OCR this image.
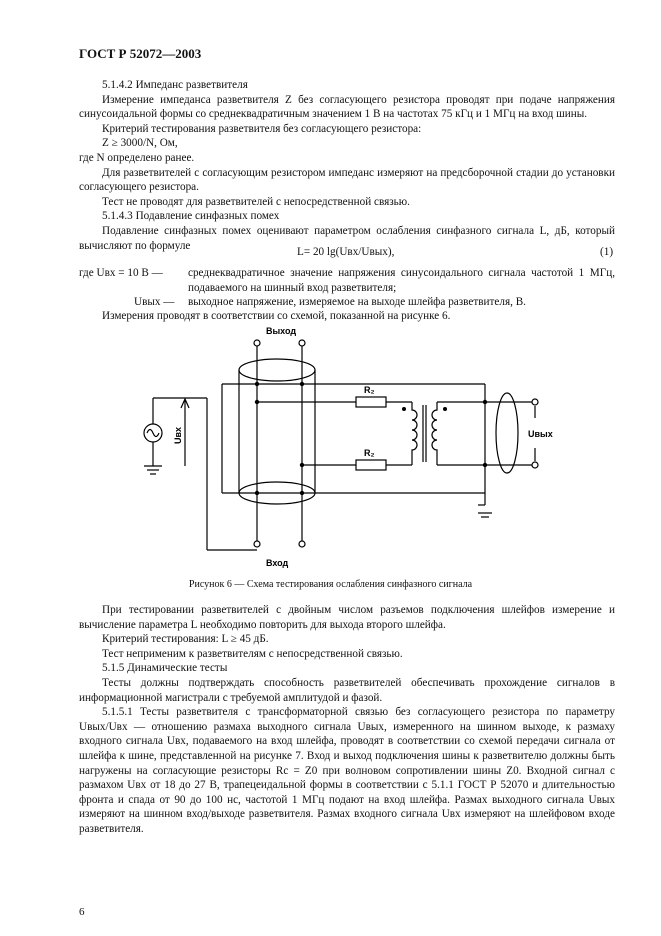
ГОСТ Р 52072—2003

5.1.4.2 Импеданс разветвителя

Измерение импеданса разветвителя Z без согласующего резистора проводят при подаче напряжения синусоидальной формы со среднеквадратичным значением 1 В на частотах 75 кГц и 1 МГц на вход шины.

Критерий тестирования разветвителя без согласующего резистора:

Z ≥ 3000/N, Ом,

где N определено ранее.

Для разветвителей с согласующим резистором импеданс измеряют на предсборочной стадии до установки согласующего резистора.

Тест не проводят для разветвителей с непосредственной связью.

5.1.4.3 Подавление синфазных помех

Подавление синфазных помех оценивают параметром ослабления синфазного сигнала L, дБ, который вычисляют по формуле

L= 20 lg(Uвх/Uвых),	(1)
где Uвх = 10 В — среднеквадратичное значение напряжения синусоидального сигнала частотой 1 МГц, подаваемого на шинный вход разветвителя;
Uвых — выходное напряжение, измеряемое на выходе шлейфа разветвителя, В.
Измерения проводят в соответствии со схемой, показанной на рисунке 6.
Выход
Вход
Uвх	Uвых
R₂
R₂
Рисунок 6 — Схема тестирования ослабления синфазного сигнала

При тестировании разветвителей с двойным числом разъемов подключения шлейфов измерение и вычисление параметра L необходимо повторить для выхода второго шлейфа.

Критерий тестирования: L ≥ 45 дБ.

Тест неприменим к разветвителям с непосредственной связью.

5.1.5 Динамические тесты

Тесты должны подтверждать способность разветвителей обеспечивать прохождение сигналов в информационной магистрали с требуемой амплитудой и фазой.

5.1.5.1 Тесты разветвителя с трансформаторной связью без согласующего резистора по параметру Uвых/Uвх — отношению размаха выходного сигнала Uвых, измеренного на шинном выходе, к размаху входного сигнала Uвх, подаваемого на вход шлейфа, проводят в соответствии со схемой передачи сигнала от шлейфа к шине, представленной на рисунке 7. Вход и выход подключения шины к разветвителю должны быть нагружены на согласующие резисторы Rс = Z0 при волновом сопротивлении шины Z0. Входной сигнал с размахом Uвх от 18 до 27 В, трапецеидальной формы в соответствии с 5.1.1 ГОСТ Р 52070 и длительностью фронта и спада от 90 до 100 нс, частотой 1 МГц подают на вход шлейфа. Размах выходного сигнала Uвых измеряют на шинном вход/выходе разветвителя. Размах входного сигнала Uвх измеряют на шлейфовом входе разветвителя.

6
